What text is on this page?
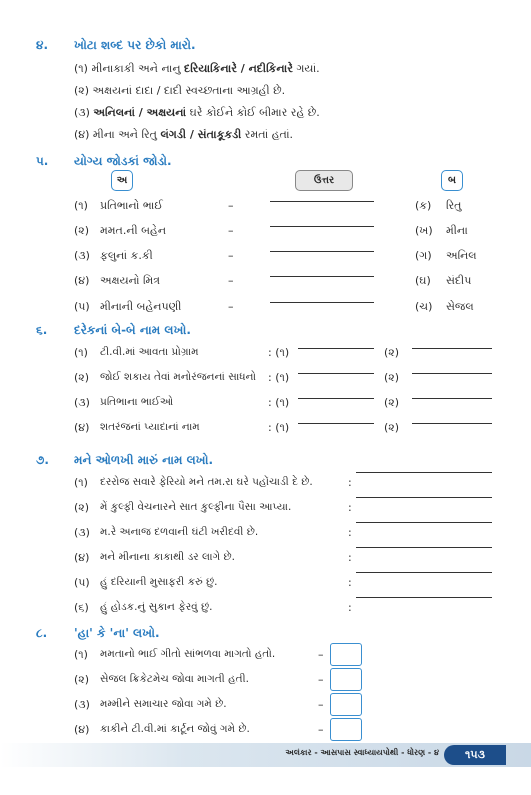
૪. ખોટા શબ્દ પર છેકો મારો.
(૧) મીનાકાકી અને નાનુ દરિયાકિનારે / નદીકિનારે ગયાં.
(૨) અક્ષયનાં દાદા / દાદી સ્વચ્છતાના આગ્રહી છે.
(૩) અનિલનાં / અક્ષયનાં ઘરે કોઈને કોઈ બીમાર રહે છે.
(૪) મીના અને રિતુ લંગડી / સંતાકૂકડી રમતાં હતાં.
પ. યોગ્ય જોડકાં જોડો.
અ	ઉત્તર	બ
૬. દરેકનાં બે-બે નામ લખો.
૭. મને ઓળખી મારું નામ લખો.
૮. 'હા' કે 'ના' લખો.
અલંકાર - આસપાસ સ્વાધ્યાયપોથી - ધોરણ - ૪	૧૫૩
(૧) પ્રતિભાનો ભાઈ	–	(ક) રિતુ
(૨) મમત.ની બહેન	–	(ખ) મીના
(૩) ફલુનાં ક.કી	–	(ગ) અનિલ
(૪) અક્ષયનો મિત્ર	–	(ઘ) સંદીપ
(પ) મીનાની બહેનપણી	–	(ચ) સેજલ
(૧) ટી.વી.માં આવતા પ્રોગ્રામ	: (૧)	(૨)
(૨) જોઈ શકાય તેવાં મનોરંજનનાં સાધનો : (૧)	(૨)
(૩) પ્રતિભાના ભાઈઓ	: (૧)	(૨)
(૪) શતરંજનાં પ્યાદાનાં નામ	: (૧)	(૨)
(૧) દરરોજ સવારે ફેરિયો મને તમ.રા ઘરે પહોંચાડી દે છે.	:
(૨) મેં કુલ્ફી વેચનારને સાત કુલ્ફીના પૈસા આપ્યા.	:
(૩) મ.રે અનાજ દળવાની ઘંટી ખરીદવી છે.	:
(૪) મને મીનાના કાકાથી ડર લાગે છે.	:
(પ) હું દરિયાની મુસાફરી કરું છું.	:
(૬) હું હોડક.નું સુકાન ફેરવું છું.	:
(૧) મમતાનો ભાઈ ગીતો સાંભળવા માગતો હતો.	–
(૨) સેજલ ક્રિકેટમેચ જોવા માગતી હતી.	–
(૩) મમ્મીને સમાચાર જોવા ગમે છે.	–
(૪) કાકીને ટી.વી.માં કાર્ટૂન જોવું ગમે છે.	–
